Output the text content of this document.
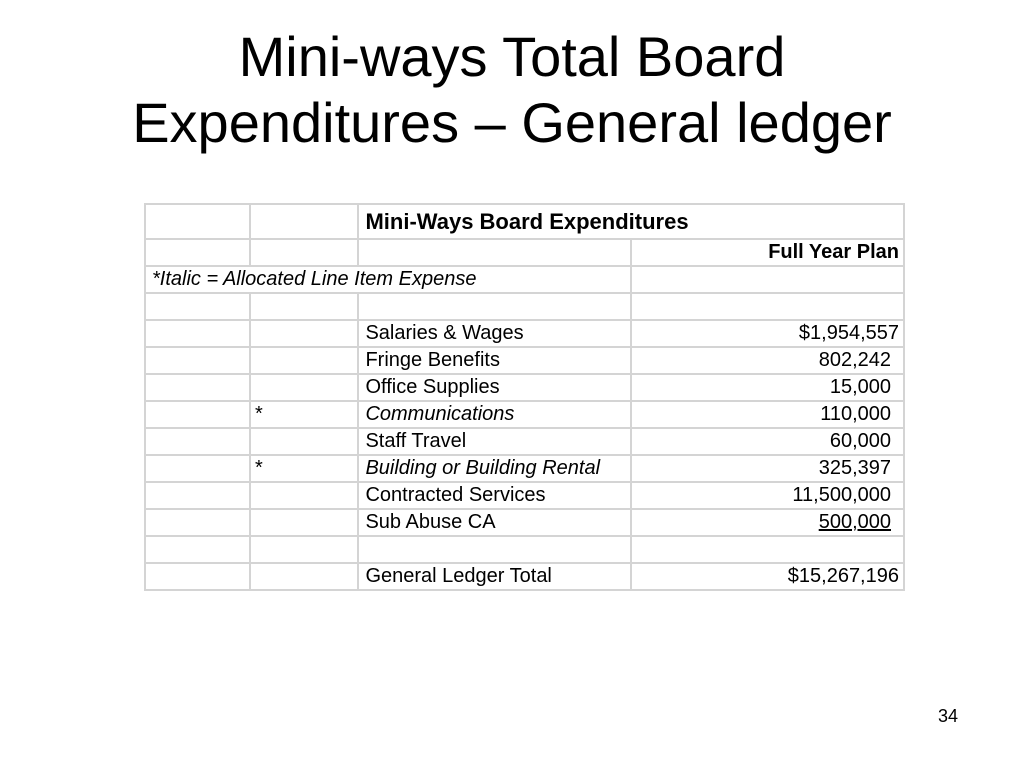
Mini-ways Total Board
Expenditures – General ledger
		Mini-Ways Board Expenditures	
			Full Year Plan
*Italic = Allocated Line Item Expense			

		Salaries & Wages	$1,954,557
		Fringe Benefits	802,242
		Office Supplies	15,000
	*	Communications	110,000
		Staff Travel	60,000
	*	Building or Building Rental	325,397
		Contracted Services	11,500,000
		Sub Abuse CA	500,000

		General Ledger Total	$15,267,196
34
